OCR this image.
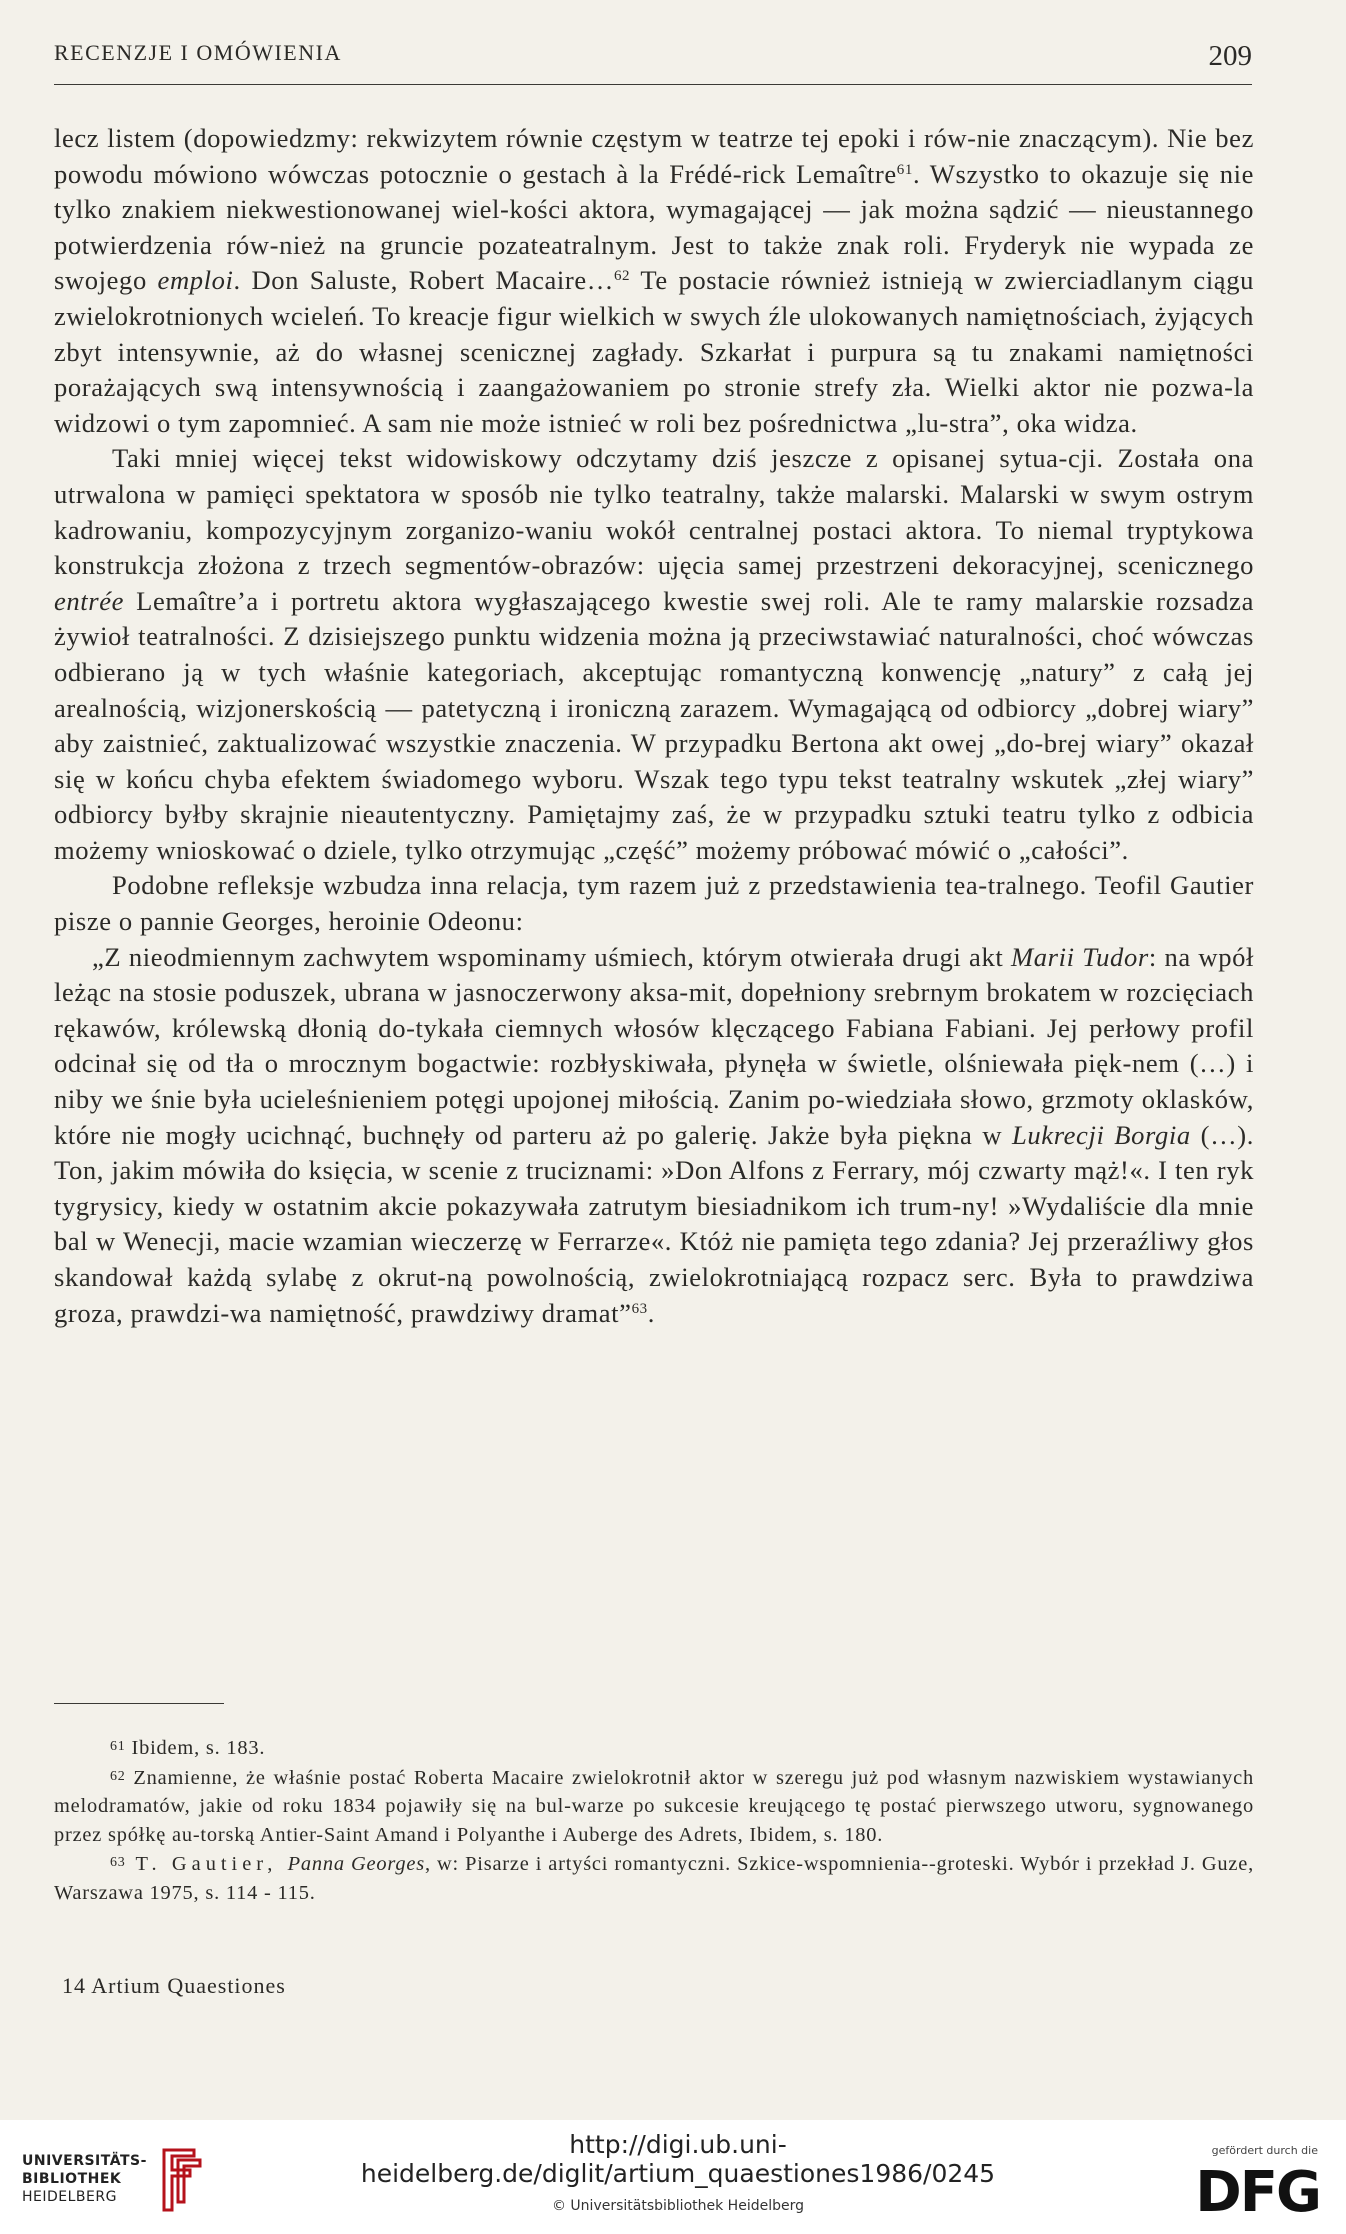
RECENZJE I OMÓWIENIA	209

lecz listem (dopowiedzmy: rekwizytem równie częstym w teatrze tej epoki i rów-nie znaczącym). Nie bez powodu mówiono wówczas potocznie o gestach à la Frédé-rick Lemaître$^{61}$. Wszystko to okazuje się nie tylko znakiem niekwestionowanej wiel-kości aktora, wymagającej — jak można sądzić — nieustannego potwierdzenia rów-nież na gruncie pozateatralnym. Jest to także znak roli. Fryderyk nie wypada ze swojego emploi. Don Saluste, Robert Macaire…$^{62}$ Te postacie również istnieją w zwierciadlanym ciągu zwielokrotnionych wcieleń. To kreacje figur wielkich w swych źle ulokowanych namiętnościach, żyjących zbyt intensywnie, aż do własnej scenicznej zagłady. Szkarłat i purpura są tu znakami namiętności porażających swą intensywnością i zaangażowaniem po stronie strefy zła. Wielki aktor nie pozwa-la widzowi o tym zapomnieć. A sam nie może istnieć w roli bez pośrednictwa „lu-stra”, oka widza.

Taki mniej więcej tekst widowiskowy odczytamy dziś jeszcze z opisanej sytua-cji. Została ona utrwalona w pamięci spektatora w sposób nie tylko teatralny, także malarski. Malarski w swym ostrym kadrowaniu, kompozycyjnym zorganizo-waniu wokół centralnej postaci aktora. To niemal tryptykowa konstrukcja złożona z trzech segmentów-obrazów: ujęcia samej przestrzeni dekoracyjnej, scenicznego entrée Lemaître’a i portretu aktora wygłaszającego kwestie swej roli. Ale te ramy malarskie rozsadza żywioł teatralności. Z dzisiejszego punktu widzenia można ją przeciwstawiać naturalności, choć wówczas odbierano ją w tych właśnie kategoriach, akceptując romantyczną konwencję „natury” z całą jej arealnością, wizjonerskością — patetyczną i ironiczną zarazem. Wymagającą od odbiorcy „dobrej wiary” aby zaistnieć, zaktualizować wszystkie znaczenia. W przypadku Bertona akt owej „do-brej wiary” okazał się w końcu chyba efektem świadomego wyboru. Wszak tego typu tekst teatralny wskutek „złej wiary” odbiorcy byłby skrajnie nieautentyczny. Pamiętajmy zaś, że w przypadku sztuki teatru tylko z odbicia możemy wnioskować o dziele, tylko otrzymując „część” możemy próbować mówić o „całości”.

Podobne refleksje wzbudza inna relacja, tym razem już z przedstawienia tea-tralnego. Teofil Gautier pisze o pannie Georges, heroinie Odeonu:

„Z nieodmiennym zachwytem wspominamy uśmiech, którym otwierała drugi akt Marii Tudor: na wpół leżąc na stosie poduszek, ubrana w jasnoczerwony aksa-mit, dopełniony srebrnym brokatem w rozcięciach rękawów, królewską dłonią do-tykała ciemnych włosów klęczącego Fabiana Fabiani. Jej perłowy profil odcinał się od tła o mrocznym bogactwie: rozbłyskiwała, płynęła w świetle, olśniewała pięk-nem (…) i niby we śnie była ucieleśnieniem potęgi upojonej miłością. Zanim po-wiedziała słowo, grzmoty oklasków, które nie mogły ucichnąć, buchnęły od parteru aż po galerię. Jakże była piękna w Lukrecji Borgia (…). Ton, jakim mówiła do księcia, w scenie z truciznami: »Don Alfons z Ferrary, mój czwarty mąż!«. I ten ryk tygrysicy, kiedy w ostatnim akcie pokazywała zatrutym biesiadnikom ich trum-ny! »Wydaliście dla mnie bal w Wenecji, macie wzamian wieczerzę w Ferrarze«. Któż nie pamięta tego zdania? Jej przeraźliwy głos skandował każdą sylabę z okrut-ną powolnością, zwielokrotniającą rozpacz serc. Była to prawdziwa groza, prawdzi-wa namiętność, prawdziwy dramat”$^{63}$.

61 Ibidem, s. 183.

62 Znamienne, że właśnie postać Roberta Macaire zwielokrotnił aktor w szeregu już pod własnym nazwiskiem wystawianych melodramatów, jakie od roku 1834 pojawiły się na bul-warze po sukcesie kreującego tę postać pierwszego utworu, sygnowanego przez spółkę au-torską Antier-Saint Amand i Polyanthe i Auberge des Adrets, Ibidem, s. 180.

63 T. Gautier, Panna Georges, w: Pisarze i artyści romantyczni. Szkice-wspomnienia--groteski. Wybór i przekład J. Guze, Warszawa 1975, s. 114 - 115.

14 Artium Quaestiones
UNIVERSITÄTS-
BIBLIOTHEK
HEIDELBERG
http://digi.ub.uni-heidelberg.de/diglit/artium_quaestiones1986/0245
© Universitätsbibliothek Heidelberg
gefördert durch die
DFG
